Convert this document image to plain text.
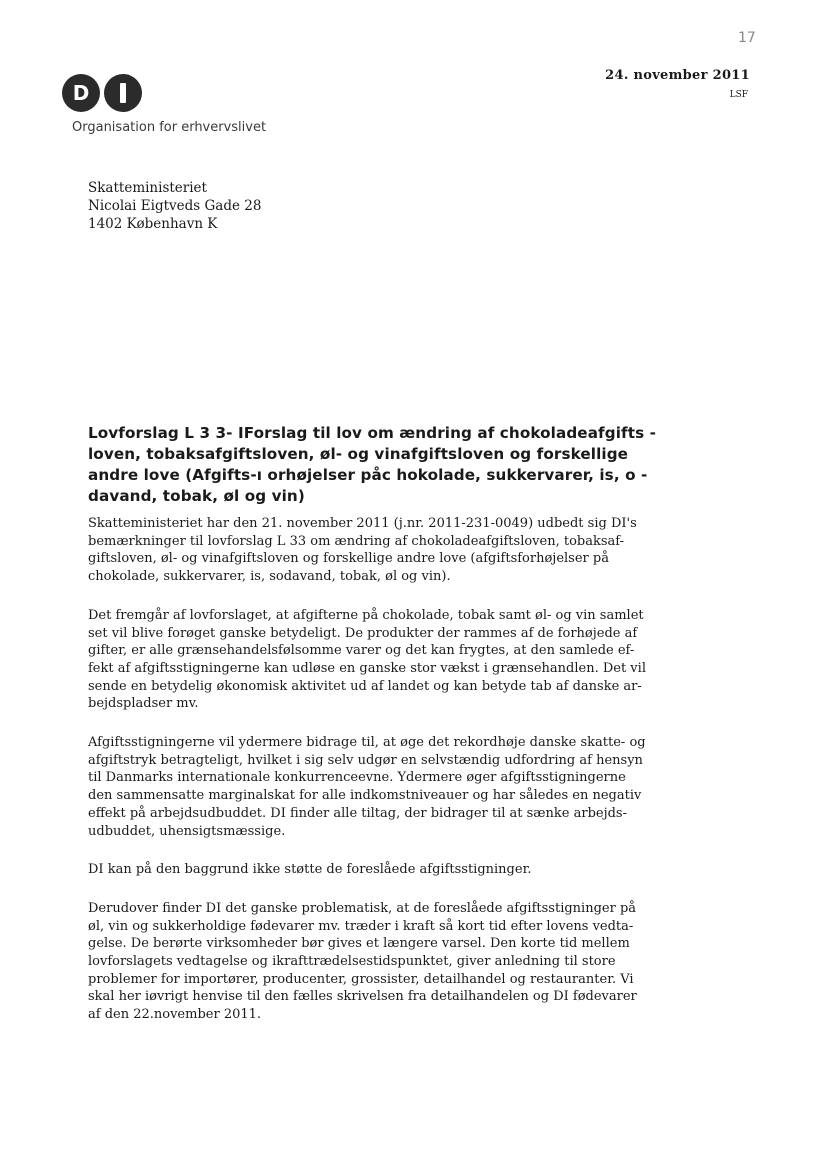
17
D
Organisation for erhvervslivet
24. november 2011
LSF
Skatteministeriet
Nicolai Eigtveds Gade 28
1402 København K
Lovforslag L 3 3- IForslag til lov om ændring af chokoladeafgifts -
loven, tobaksafgiftsloven, øl- og vinafgiftsloven og forskellige
andre love (Afgifts-ı orhøjelser påc hokolade, sukkervarer, is, o -
davand, tobak, øl og vin)

Skatteministeriet har den 21. november 2011 (j.nr. 2011-231-0049) udbedt sig DI's
bemærkninger til lovforslag L 33 om ændring af chokoladeafgiftsloven, tobaksaf-
giftsloven, øl- og vinafgiftsloven og forskellige andre love (afgiftsforhøjelser på
chokolade, sukkervarer, is, sodavand, tobak, øl og vin).

Det fremgår af lovforslaget, at afgifterne på chokolade, tobak samt øl- og vin samlet
set vil blive forøget ganske betydeligt. De produkter der rammes af de forhøjede af
gifter, er alle grænsehandelsfølsomme varer og det kan frygtes, at den samlede ef-
fekt af afgiftsstigningerne kan udløse en ganske stor vækst i grænsehandlen. Det vil
sende en betydelig økonomisk aktivitet ud af landet og kan betyde tab af danske ar-
bejdspladser mv.

Afgiftsstigningerne vil ydermere bidrage til, at øge det rekordhøje danske skatte- og
afgiftstryk betragteligt, hvilket i sig selv udgør en selvstændig udfordring af hensyn
til Danmarks internationale konkurrenceevne. Ydermere øger afgiftsstigningerne
den sammensatte marginalskat for alle indkomstniveauer og har således en negativ
effekt på arbejdsudbuddet. DI finder alle tiltag, der bidrager til at sænke arbejds-
udbuddet, uhensigtsmæssige.

DI kan på den baggrund ikke støtte de foreslåede afgiftsstigninger.

Derudover finder DI det ganske problematisk, at de foreslåede afgiftsstigninger på
øl, vin og sukkerholdige fødevarer mv. træder i kraft så kort tid efter lovens vedta-
gelse. De berørte virksomheder bør gives et længere varsel. Den korte tid mellem
lovforslagets vedtagelse og ikrafttrædelsestidspunktet, giver anledning til store
problemer for importører, producenter, grossister, detailhandel og restauranter. Vi
skal her iøvrigt henvise til den fælles skrivelsen fra detailhandelen og DI fødevarer
af den 22.november 2011.
